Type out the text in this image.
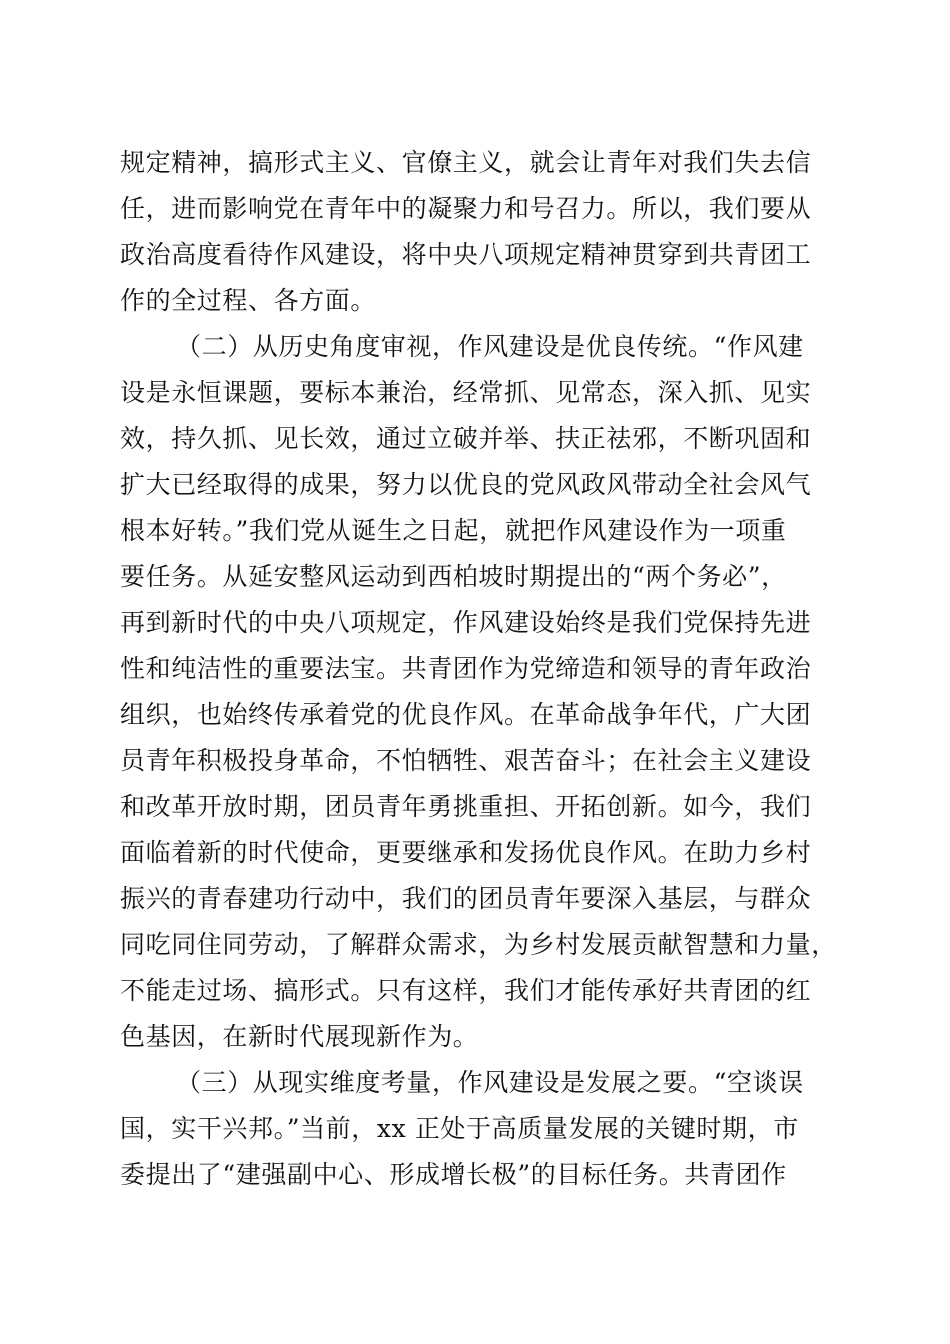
规定精神，搞形式主义、官僚主义，就会让青年对我们失去信
任，进而影响党在青年中的凝聚力和号召力。所以，我们要从
政治高度看待作风建设，将中央八项规定精神贯穿到共青团工
作的全过程、各方面。
（二）从历史角度审视，作风建设是优良传统。“作风建
设是永恒课题，要标本兼治，经常抓、见常态，深入抓、见实
效，持久抓、见长效，通过立破并举、扶正祛邪，不断巩固和
扩大已经取得的成果，努力以优良的党风政风带动全社会风气
根本好转。”我们党从诞生之日起，就把作风建设作为一项重
要任务。从延安整风运动到西柏坡时期提出的“两个务必”，
再到新时代的中央八项规定，作风建设始终是我们党保持先进
性和纯洁性的重要法宝。共青团作为党缔造和领导的青年政治
组织，也始终传承着党的优良作风。在革命战争年代，广大团
员青年积极投身革命，不怕牺牲、艰苦奋斗；在社会主义建设
和改革开放时期，团员青年勇挑重担、开拓创新。如今，我们
面临着新的时代使命，更要继承和发扬优良作风。在助力乡村
振兴的青春建功行动中，我们的团员青年要深入基层，与群众
同吃同住同劳动，了解群众需求，为乡村发展贡献智慧和力量，
不能走过场、搞形式。只有这样，我们才能传承好共青团的红
色基因，在新时代展现新作为。
（三）从现实维度考量，作风建设是发展之要。“空谈误
国，实干兴邦。”当前，xx 正处于高质量发展的关键时期，市
委提出了“建强副中心、形成增长极”的目标任务。共青团作
